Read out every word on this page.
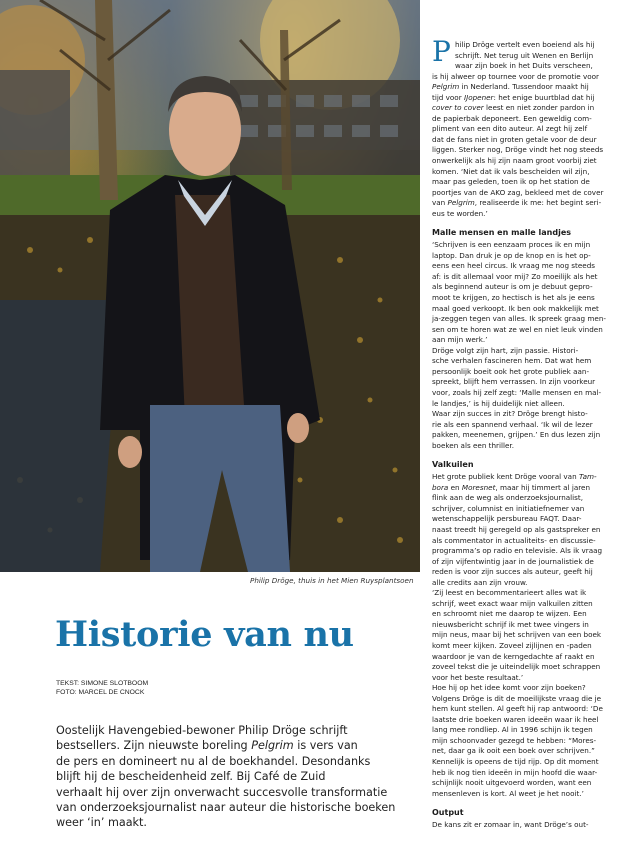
Philip Dröge, thuis in het Mien Ruysplantsoen
Historie van nu
TEKST: SIMONE SLOTBOOM
FOTO: MARCEL DE CNOCK
Oostelijk Havengebied-bewoner Philip Dröge schrijft
bestsellers. Zijn nieuwste boreling Pelgrim is vers van
de pers en domineert nu al de boekhandel. Desondanks
blijft hij de bescheidenheid zelf. Bij Café de Zuid
verhaalt hij over zijn onverwacht succesvolle transformatie
van onderzoeksjournalist naar auteur die historische boeken
weer ‘in’ maakt.
P hilip Dröge vertelt even boeiend als hij
schrijft. Net terug uit Wenen en Berlijn
waar zijn boek in het Duits verscheen,
is hij alweer op tournee voor de promotie voor
Pelgrim in Nederland. Tussendoor maakt hij
tijd voor IJopener: het enige buurtblad dat hij
cover to cover leest en niet zonder pardon in
de papierbak deponeert. Een geweldig com-
pliment van een dito auteur. Al zegt hij zelf
dat de fans niet in groten getale voor de deur
liggen. Sterker nog, Dröge vindt het nog steeds
onwerkelijk als hij zijn naam groot voorbij ziet
komen. ‘Niet dat ik vals bescheiden wil zijn,
maar pas geleden, toen ik op het station de
poortjes van de AKO zag, bekleed met de cover
van Pelgrim, realiseerde ik me: het begint seri-
eus te worden.’
Malle mensen en malle landjes
‘Schrijven is een eenzaam proces ik en mijn
laptop. Dan druk je op de knop en is het op-
eens een heel circus. Ik vraag me nog steeds
af: is dit allemaal voor mij? Zo moeilijk als het
als beginnend auteur is om je debuut gepro-
moot te krijgen, zo hectisch is het als je eens
maal goed verkoopt. Ik ben ook makkelijk met
ja-zeggen tegen van alles. Ik spreek graag men-
sen om te horen wat ze wel en niet leuk vinden
aan mijn werk.’
Dröge volgt zijn hart, zijn passie. Histori-
sche verhalen fascineren hem. Dat wat hem
persoonlijk boeit ook het grote publiek aan-
spreekt, blijft hem verrassen. In zijn voorkeur
voor, zoals hij zelf zegt: ‘Malle mensen en mal-
le landjes,’ is hij duidelijk niet alleen.
Waar zijn succes in zit? Dröge brengt histo-
rie als een spannend verhaal. ‘Ik wil de lezer
pakken, meenemen, grijpen.’ En dus lezen zijn
boeken als een thriller.
Valkuilen
Het grote publiek kent Dröge vooral van Tam-
bora en Moresnet, maar hij timmert al jaren
flink aan de weg als onderzoeksjournalist,
schrijver, columnist en initiatiefnemer van
wetenschappelijk persbureau FAQT. Daar-
naast treedt hij geregeld op als gastspreker en
als commentator in actualiteits- en discussie-
programma’s op radio en televisie. Als ik vraag
of zijn vijfentwintig jaar in de journalistiek de
reden is voor zijn succes als auteur, geeft hij
alle credits aan zijn vrouw.
‘Zij leest en becommentarieert alles wat ik
schrijf, weet exact waar mijn valkuilen zitten
en schroomt niet me daarop te wijzen. Een
nieuwsbericht schrijf ik met twee vingers in
mijn neus, maar bij het schrijven van een boek
komt meer kijken. Zoveel zijlijnen en -paden
waardoor je van de kerngedachte af raakt en
zoveel tekst die je uiteindelijk moet schrappen
voor het beste resultaat.’
Hoe hij op het idee komt voor zijn boeken?
Volgens Dröge is dit de moeilijkste vraag die je
hem kunt stellen. Al geeft hij rap antwoord: ‘De
laatste drie boeken waren ideeën waar ik heel
lang mee rondliep. Al in 1996 schijn ik tegen
mijn schoonvader gezegd te hebben: “Mores-
net, daar ga ik ooit een boek over schrijven.”
Kennelijk is opeens de tijd rijp. Op dit moment
heb ik nog tien ideeën in mijn hoofd die waar-
schijnlijk nooit uitgevoerd worden, want een
mensenleven is kort. Al weet je het nooit.’
Output
De kans zit er zomaar in, want Dröge’s out-
